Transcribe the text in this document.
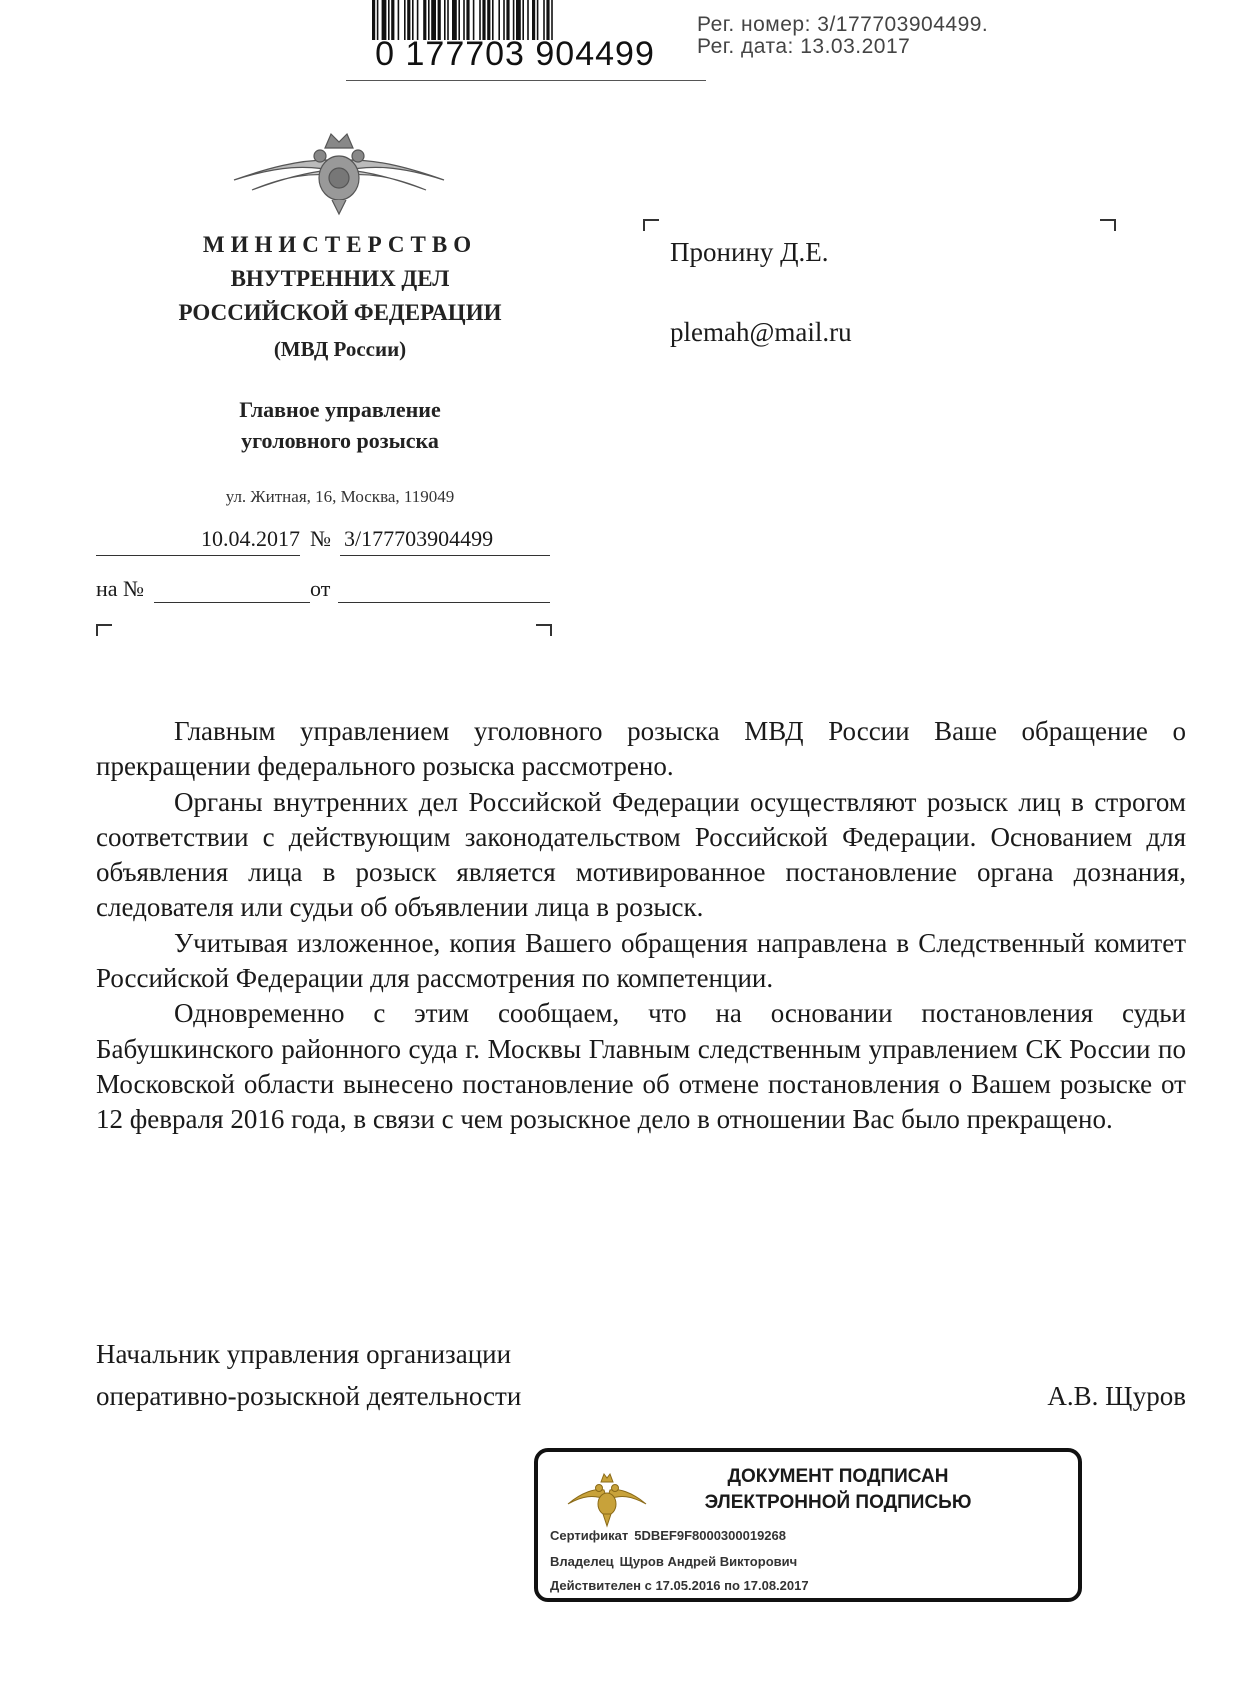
0 177703 904499
Рег. номер: 3/177703904499.
Рег. дата: 13.03.2017
МИНИСТЕРСТВО
ВНУТРЕННИХ ДЕЛ
РОССИЙСКОЙ ФЕДЕРАЦИИ
(МВД России)
Главное управление
уголовного розыска
ул. Житная, 16, Москва, 119049
10.04.2017 № 3/177703904499
на №	от
Пронину Д.Е.
plemah@mail.ru

Главным управлением уголовного розыска МВД России Ваше обращение о прекращении федерального розыска рассмотрено.

Органы внутренних дел Российской Федерации осуществляют розыск лиц в строгом соответствии с действующим законодательством Российской Федерации. Основанием для объявления лица в розыск является мотивированное постановление органа дознания, следователя или судьи об объявлении лица в розыск.

Учитывая изложенное, копия Вашего обращения направлена в Следственный комитет Российской Федерации для рассмотрения по компетенции.

Одновременно с этим сообщаем, что на основании постановления судьи Бабушкинского районного суда г. Москвы Главным следственным управлением СК России по Московской области вынесено постановление об отмене постановления о Вашем розыске от 12 февраля 2016 года, в связи с чем розыскное дело в отношении Вас было прекращено.

Начальник управления организации
оперативно-розыскной деятельности	А.В. Щуров
ДОКУМЕНТ ПОДПИСАН
ЭЛЕКТРОННОЙ ПОДПИСЬЮ
Сертификат 5DBEF9F8000300019268
Владелец Щуров Андрей Викторович
Действителен с 17.05.2016 по 17.08.2017
